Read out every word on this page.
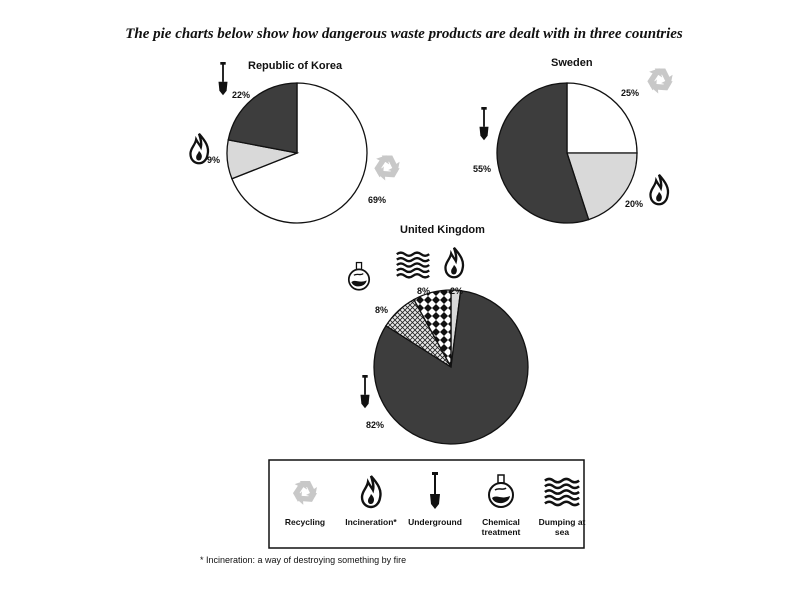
The pie charts below show how dangerous waste products are dealt with in three countries
Republic of Korea
22%
9%
69%
Sweden
25%
20%
55%
United Kingdom
2%
82%
8%
8%
Recycling Incineration* Underground Chemical treatment
Dumping at sea
* Incineration: a way of destroying something by fire
